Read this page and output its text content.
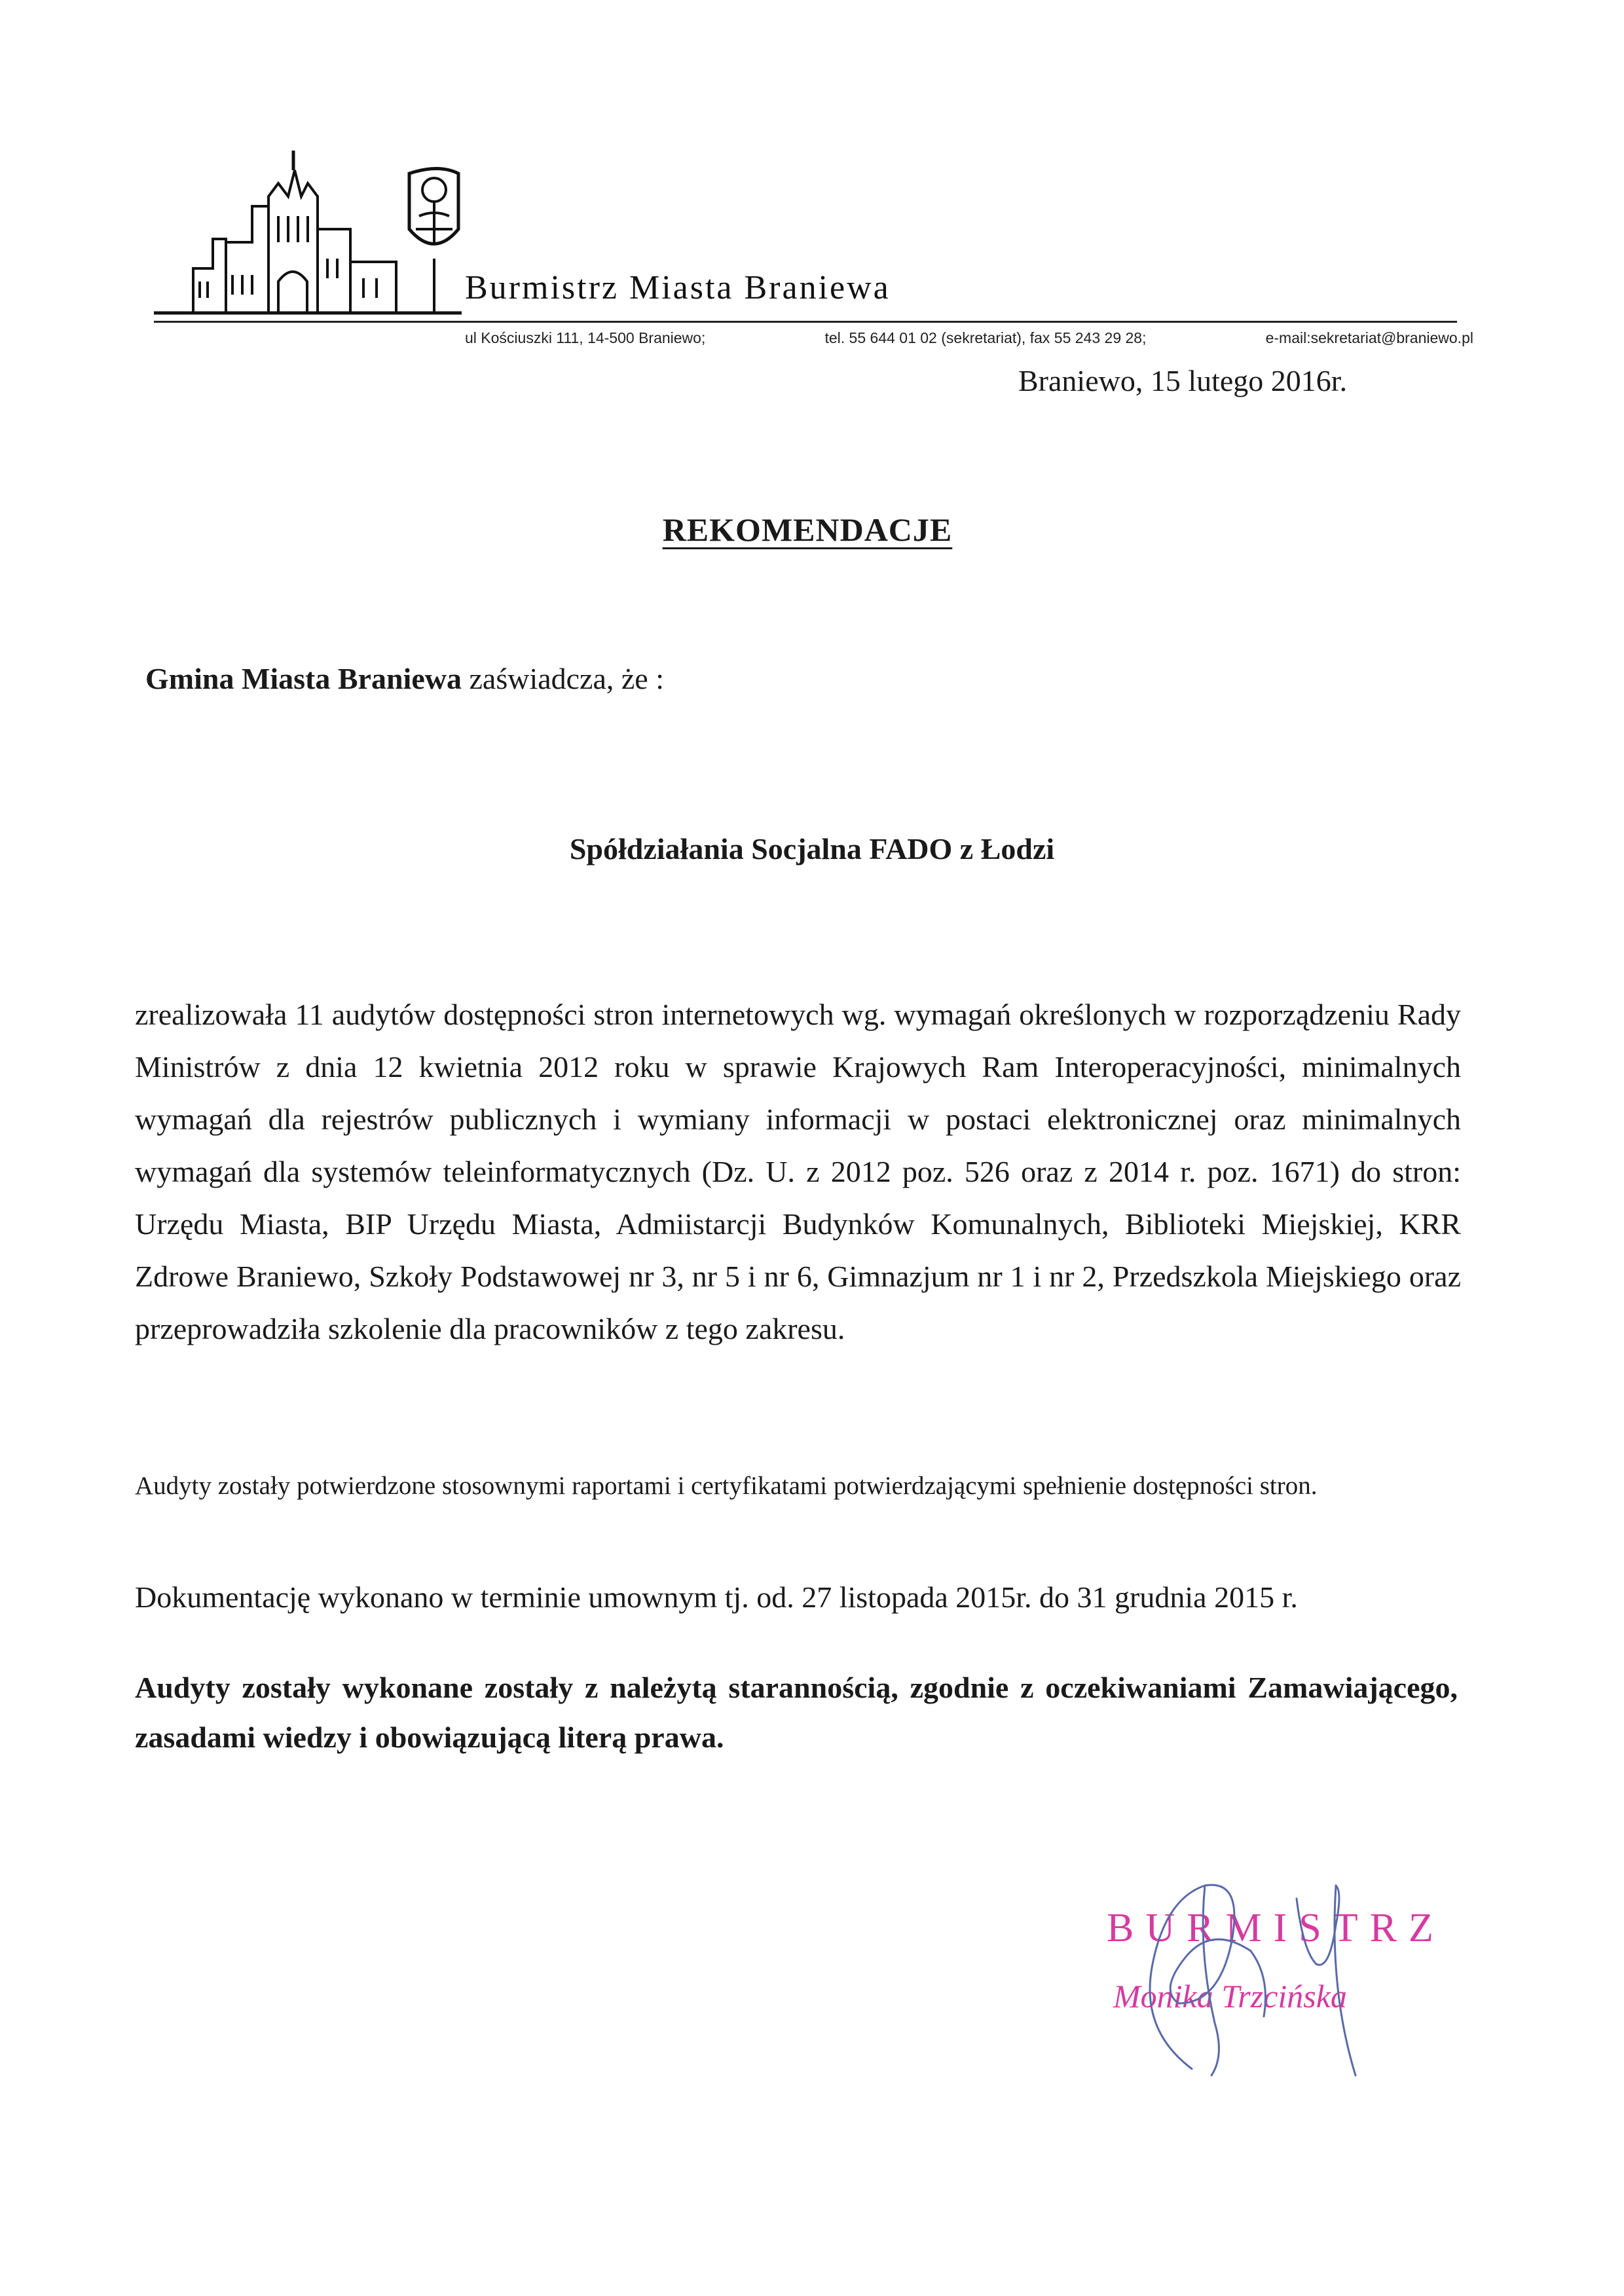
Burmistrz Miasta Braniewa
ul Kościuszki 111, 14-500 Braniewo;	tel. 55 644 01 02 (sekretariat), fax 55 243 29 28;	e-mail:sekretariat@braniewo.pl
Braniewo, 15 lutego 2016r.
REKOMENDACJE
Gmina Miasta Braniewa zaświadcza, że :
Spółdziałania Socjalna FADO z Łodzi
zrealizowała 11 audytów dostępności stron internetowych wg. wymagań określonych w rozporządzeniu Rady Ministrów z dnia 12 kwietnia 2012 roku w sprawie Krajowych Ram Interoperacyjności, minimalnych wymagań dla rejestrów publicznych i wymiany informacji w postaci elektronicznej oraz minimalnych wymagań dla systemów teleinformatycznych (Dz. U. z 2012 poz. 526 oraz z 2014 r. poz. 1671) do stron: Urzędu Miasta, BIP Urzędu Miasta, Admiistarcji Budynków Komunalnych, Biblioteki Miejskiej, KRR Zdrowe Braniewo, Szkoły Podstawowej nr 3, nr 5 i nr 6, Gimnazjum nr 1 i nr 2, Przedszkola Miejskiego oraz przeprowadziła szkolenie dla pracowników z tego zakresu.
Audyty zostały potwierdzone stosownymi raportami i certyfikatami potwierdzającymi spełnienie dostępności stron.
Dokumentację wykonano w terminie umownym tj. od. 27 listopada 2015r. do 31 grudnia 2015 r.
Audyty zostały wykonane zostały z należytą starannością, zgodnie z oczekiwaniami Zamawiającego, zasadami wiedzy i obowiązującą literą prawa.
BURMISTRZ
Monika Trzcińska
